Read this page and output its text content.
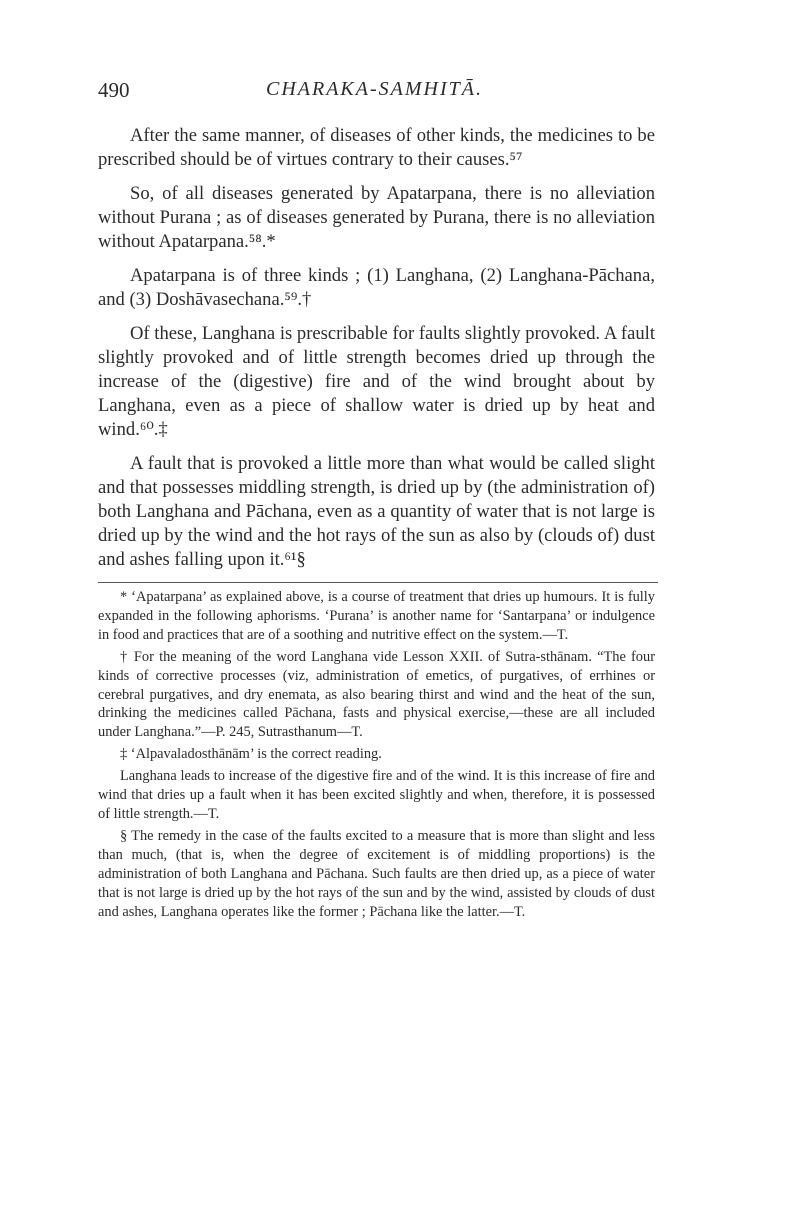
490	CHARAKA-SAMHITĀ.

After the same manner, of diseases of other kinds, the medicines to be prescribed should be of virtues contrary to their causes.⁵⁷

So, of all diseases generated by Apatarpana, there is no alleviation without Purana ; as of diseases generated by Purana, there is no alleviation without Apatarpana.⁵⁸.*

Apatarpana is of three kinds ; (1) Langhana, (2) Langhana-Pāchana, and (3) Doshāvasechana.⁵⁹.†

Of these, Langhana is prescribable for faults slightly provoked. A fault slightly provoked and of little strength becomes dried up through the increase of the (digestive) fire and of the wind brought about by Langhana, even as a piece of shallow water is dried up by heat and wind.⁶⁰.‡

A fault that is provoked a little more than what would be called slight and that possesses middling strength, is dried up by (the administration of) both Langhana and Pāchana, even as a quantity of water that is not large is dried up by the wind and the hot rays of the sun as also by (clouds of) dust and ashes falling upon it.⁶¹§

* ‘Apatarpana’ as explained above, is a course of treatment that dries up humours. It is fully expanded in the following aphorisms. ‘Purana’ is another name for ‘Santarpana’ or indulgence in food and practices that are of a soothing and nutritive effect on the system.—T.

† For the meaning of the word Langhana vide Lesson XXII. of Sutra-sthānam. “The four kinds of corrective processes (viz, administration of emetics, of purgatives, of errhines or cerebral purgatives, and dry enemata, as also bearing thirst and wind and the heat of the sun, drinking the medicines called Pāchana, fasts and physical exercise,—these are all included under Langhana.”—P. 245, Sutrasthanum—T.

‡ ‘Alpavaladosthānām’ is the correct reading.

Langhana leads to increase of the digestive fire and of the wind. It is this increase of fire and wind that dries up a fault when it has been excited slightly and when, therefore, it is possessed of little strength.—T.

§ The remedy in the case of the faults excited to a measure that is more than slight and less than much, (that is, when the degree of excitement is of middling proportions) is the administration of both Langhana and Pāchana. Such faults are then dried up, as a piece of water that is not large is dried up by the hot rays of the sun and by the wind, assisted by clouds of dust and ashes, Langhana operates like the former ; Pāchana like the latter.—T.
